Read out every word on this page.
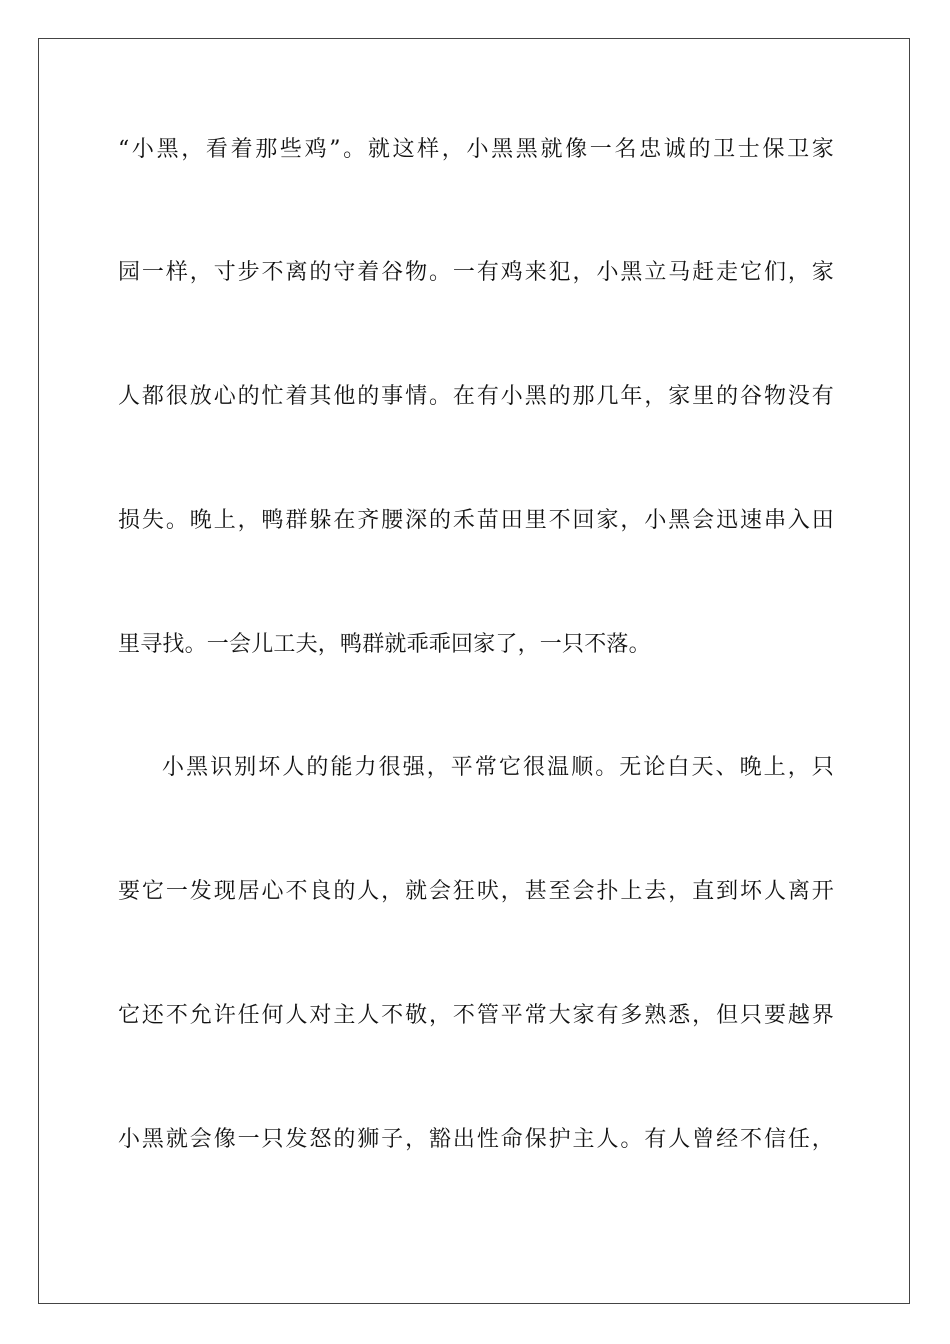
“小黑，看着那些鸡”。就这样，小黑黑就像一名忠诚的卫士保卫家
园一样，寸步不离的守着谷物。一有鸡来犯，小黑立马赶走它们，家
人都很放心的忙着其他的事情。在有小黑的那几年，家里的谷物没有
损失。晚上，鸭群躲在齐腰深的禾苗田里不回家，小黑会迅速串入田
里寻找。一会儿工夫，鸭群就乖乖回家了，一只不落。
小黑识别坏人的能力很强，平常它很温顺。无论白天、晚上，只
要它一发现居心不良的人，就会狂吠，甚至会扑上去，直到坏人离开
它还不允许任何人对主人不敬，不管平常大家有多熟悉，但只要越界
小黑就会像一只发怒的狮子，豁出性命保护主人。有人曾经不信任，
